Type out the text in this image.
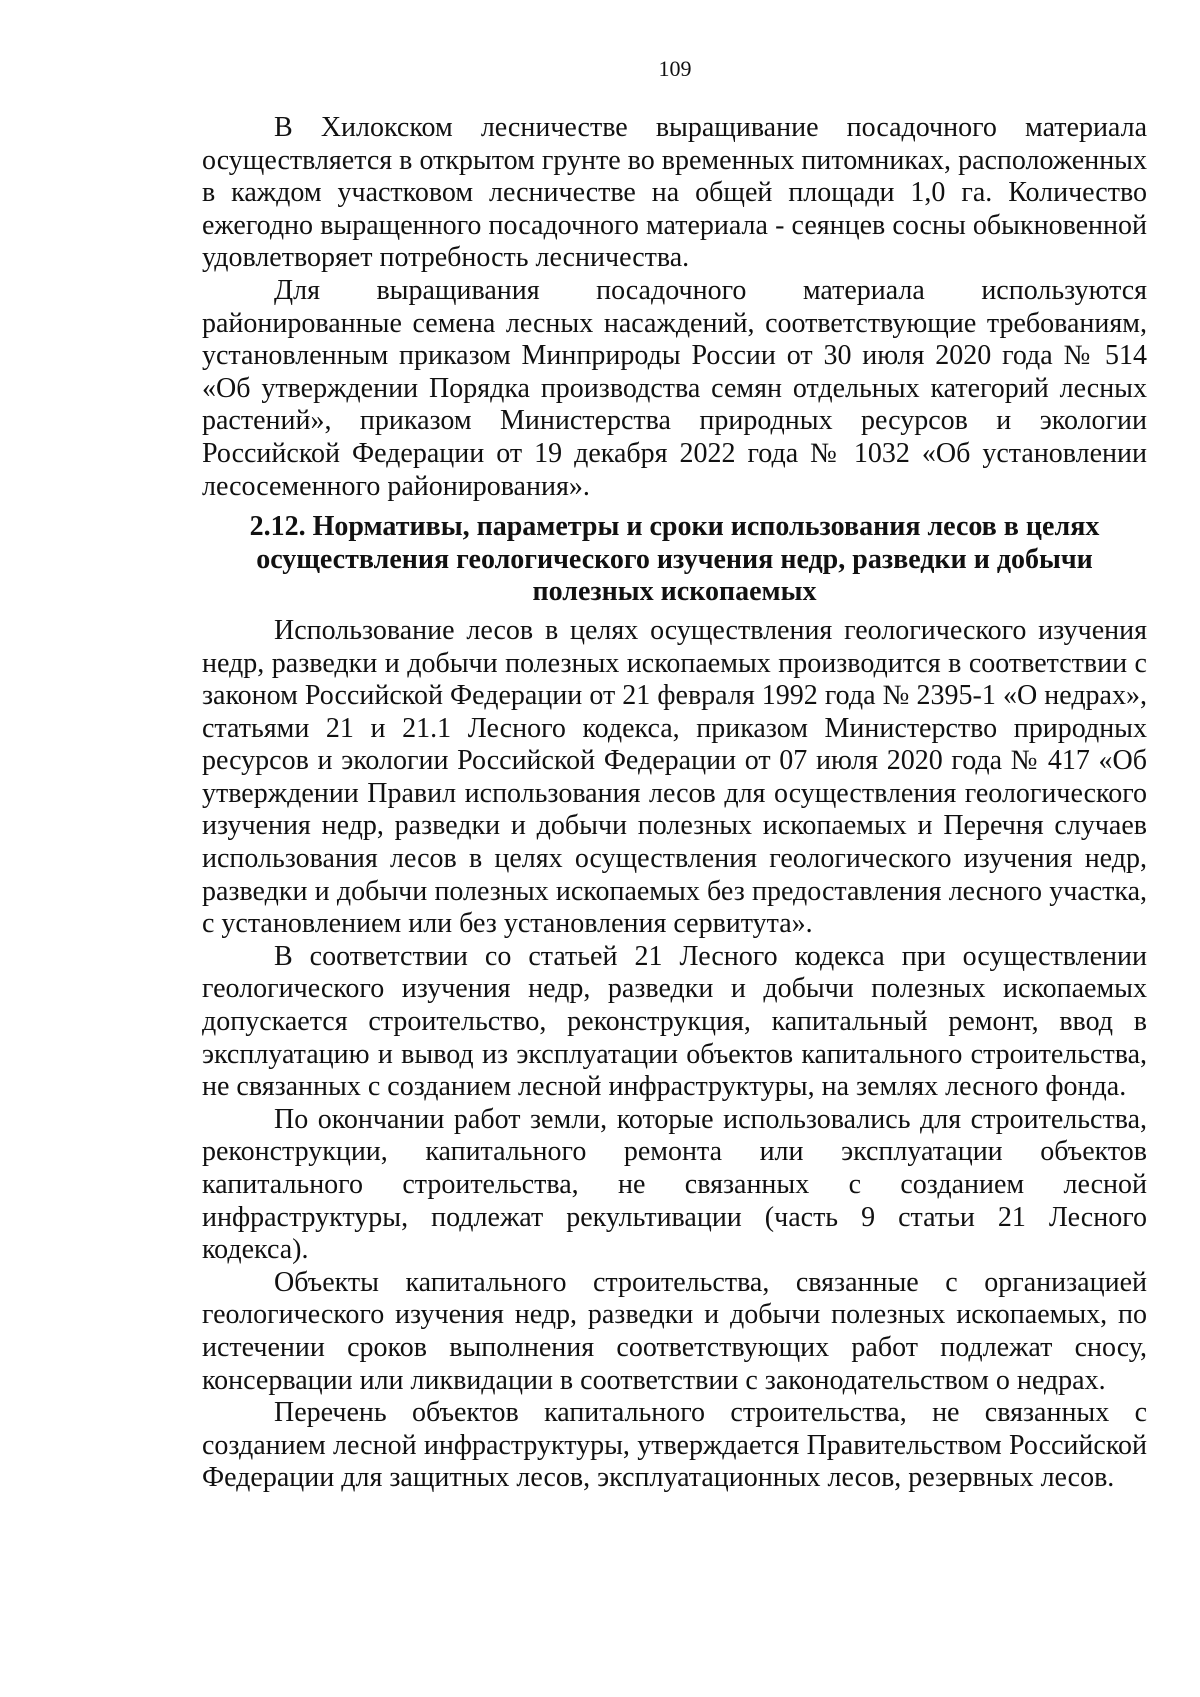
109

В Хилокском лесничестве выращивание посадочного материала осуществляется в открытом грунте во временных питомниках, расположенных в каждом участковом лесничестве на общей площади 1,0 га. Количество ежегодно выращенного посадочного материала - сеянцев сосны обыкновенной удовлетворяет потребность лесничества.

Для выращивания посадочного материала используются районированные семена лесных насаждений, соответствующие требованиям, установленным приказом Минприроды России от 30 июля 2020 года № 514 «Об утверждении Порядка производства семян отдельных категорий лесных растений», приказом Министерства природных ресурсов и экологии Российской Федерации от 19 декабря 2022 года № 1032 «Об установлении лесосеменного районирования».

2.12. Нормативы, параметры и сроки использования лесов в целях
осуществления геологического изучения недр, разведки и добычи
полезных ископаемых

Использование лесов в целях осуществления геологического изучения недр, разведки и добычи полезных ископаемых производится в соответствии с законом Российской Федерации от 21 февраля 1992 года № 2395-1 «О недрах», статьями 21 и 21.1 Лесного кодекса, приказом Министерство природных ресурсов и экологии Российской Федерации от 07 июля 2020 года № 417 «Об утверждении Правил использования лесов для осуществления геологического изучения недр, разведки и добычи полезных ископаемых и Перечня случаев использования лесов в целях осуществления геологического изучения недр, разведки и добычи полезных ископаемых без предоставления лесного участка, с установлением или без установления сервитута».

В соответствии со статьей 21 Лесного кодекса при осуществлении геологического изучения недр, разведки и добычи полезных ископаемых допускается строительство, реконструкция, капитальный ремонт, ввод в эксплуатацию и вывод из эксплуатации объектов капитального строительства, не связанных с созданием лесной инфраструктуры, на землях лесного фонда.

По окончании работ земли, которые использовались для строительства, реконструкции, капитального ремонта или эксплуатации объектов капитального строительства, не связанных с созданием лесной инфраструктуры, подлежат рекультивации (часть 9 статьи 21 Лесного кодекса).

Объекты капитального строительства, связанные с организацией геологического изучения недр, разведки и добычи полезных ископаемых, по истечении сроков выполнения соответствующих работ подлежат сносу, консервации или ликвидации в соответствии с законодательством о недрах.

Перечень объектов капитального строительства, не связанных с созданием лесной инфраструктуры, утверждается Правительством Российской Федерации для защитных лесов, эксплуатационных лесов, резервных лесов.
